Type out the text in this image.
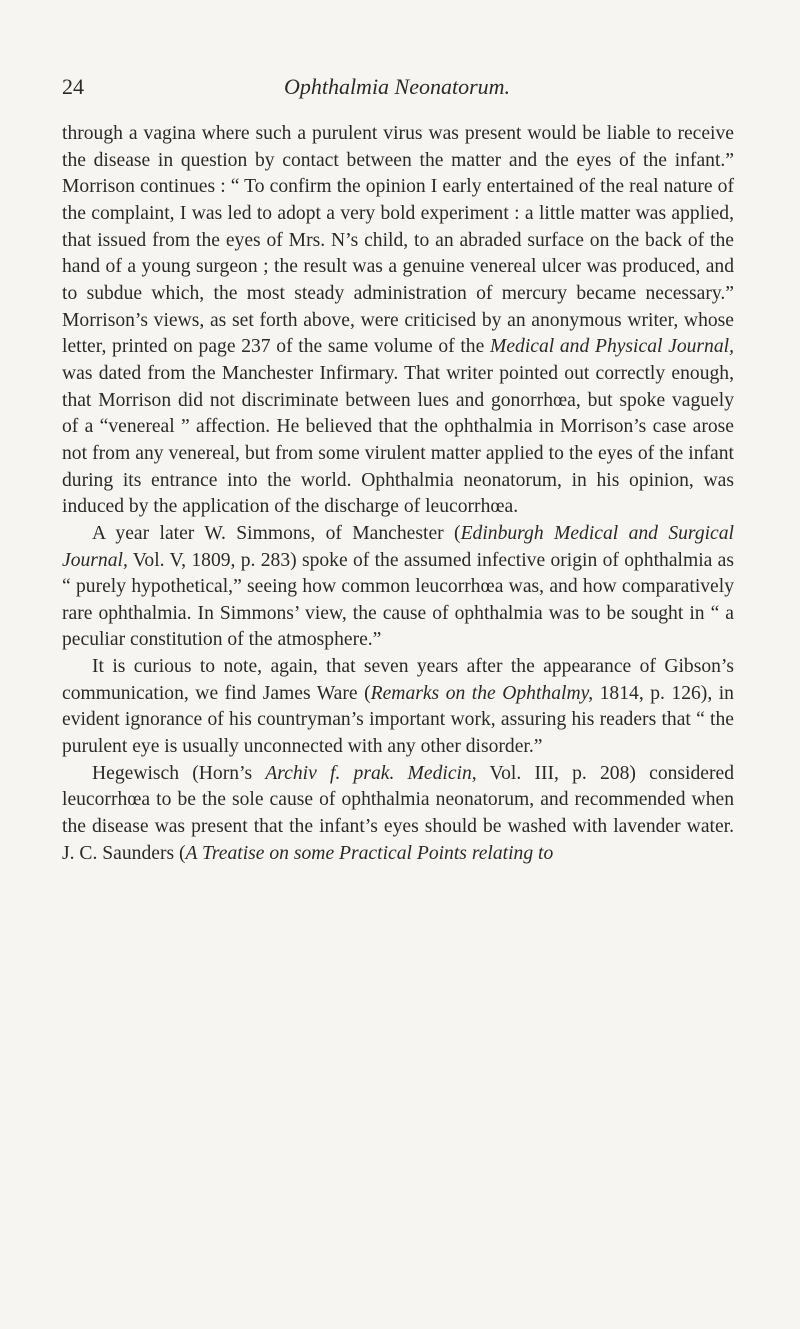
24	Ophthalmia Neonatorum.

through a vagina where such a purulent virus was present would be liable to receive the disease in question by contact between the matter and the eyes of the infant.” Morrison continues : “ To confirm the opinion I early entertained of the real nature of the complaint, I was led to adopt a very bold experiment : a little matter was applied, that issued from the eyes of Mrs. N’s child, to an abraded surface on the back of the hand of a young surgeon ; the result was a genuine venereal ulcer was produced, and to subdue which, the most steady administration of mercury became necessary.” Morrison’s views, as set forth above, were criticised by an anonymous writer, whose letter, printed on page 237 of the same volume of the Medical and Physical Journal, was dated from the Manchester Infirmary. That writer pointed out correctly enough, that Morrison did not discriminate between lues and gonorrhœa, but spoke vaguely of a “venereal ” affection. He believed that the ophthalmia in Morrison’s case arose not from any venereal, but from some virulent matter applied to the eyes of the infant during its entrance into the world. Ophthalmia neonatorum, in his opinion, was induced by the application of the discharge of leucorrhœa.

A year later W. Simmons, of Manchester (Edinburgh Medical and Surgical Journal, Vol. V, 1809, p. 283) spoke of the assumed infective origin of ophthalmia as “ purely hypothetical,” seeing how common leucorrhœa was, and how comparatively rare ophthalmia. In Simmons’ view, the cause of ophthalmia was to be sought in “ a peculiar constitution of the atmosphere.”

It is curious to note, again, that seven years after the appearance of Gibson’s communication, we find James Ware (Remarks on the Ophthalmy, 1814, p. 126), in evident ignorance of his countryman’s important work, assuring his readers that “ the purulent eye is usually unconnected with any other disorder.”

Hegewisch (Horn’s Archiv f. prak. Medicin, Vol. III, p. 208) considered leucorrhœa to be the sole cause of ophthalmia neonatorum, and recommended when the disease was present that the infant’s eyes should be washed with lavender water. J. C. Saunders (A Treatise on some Practical Points relating to
